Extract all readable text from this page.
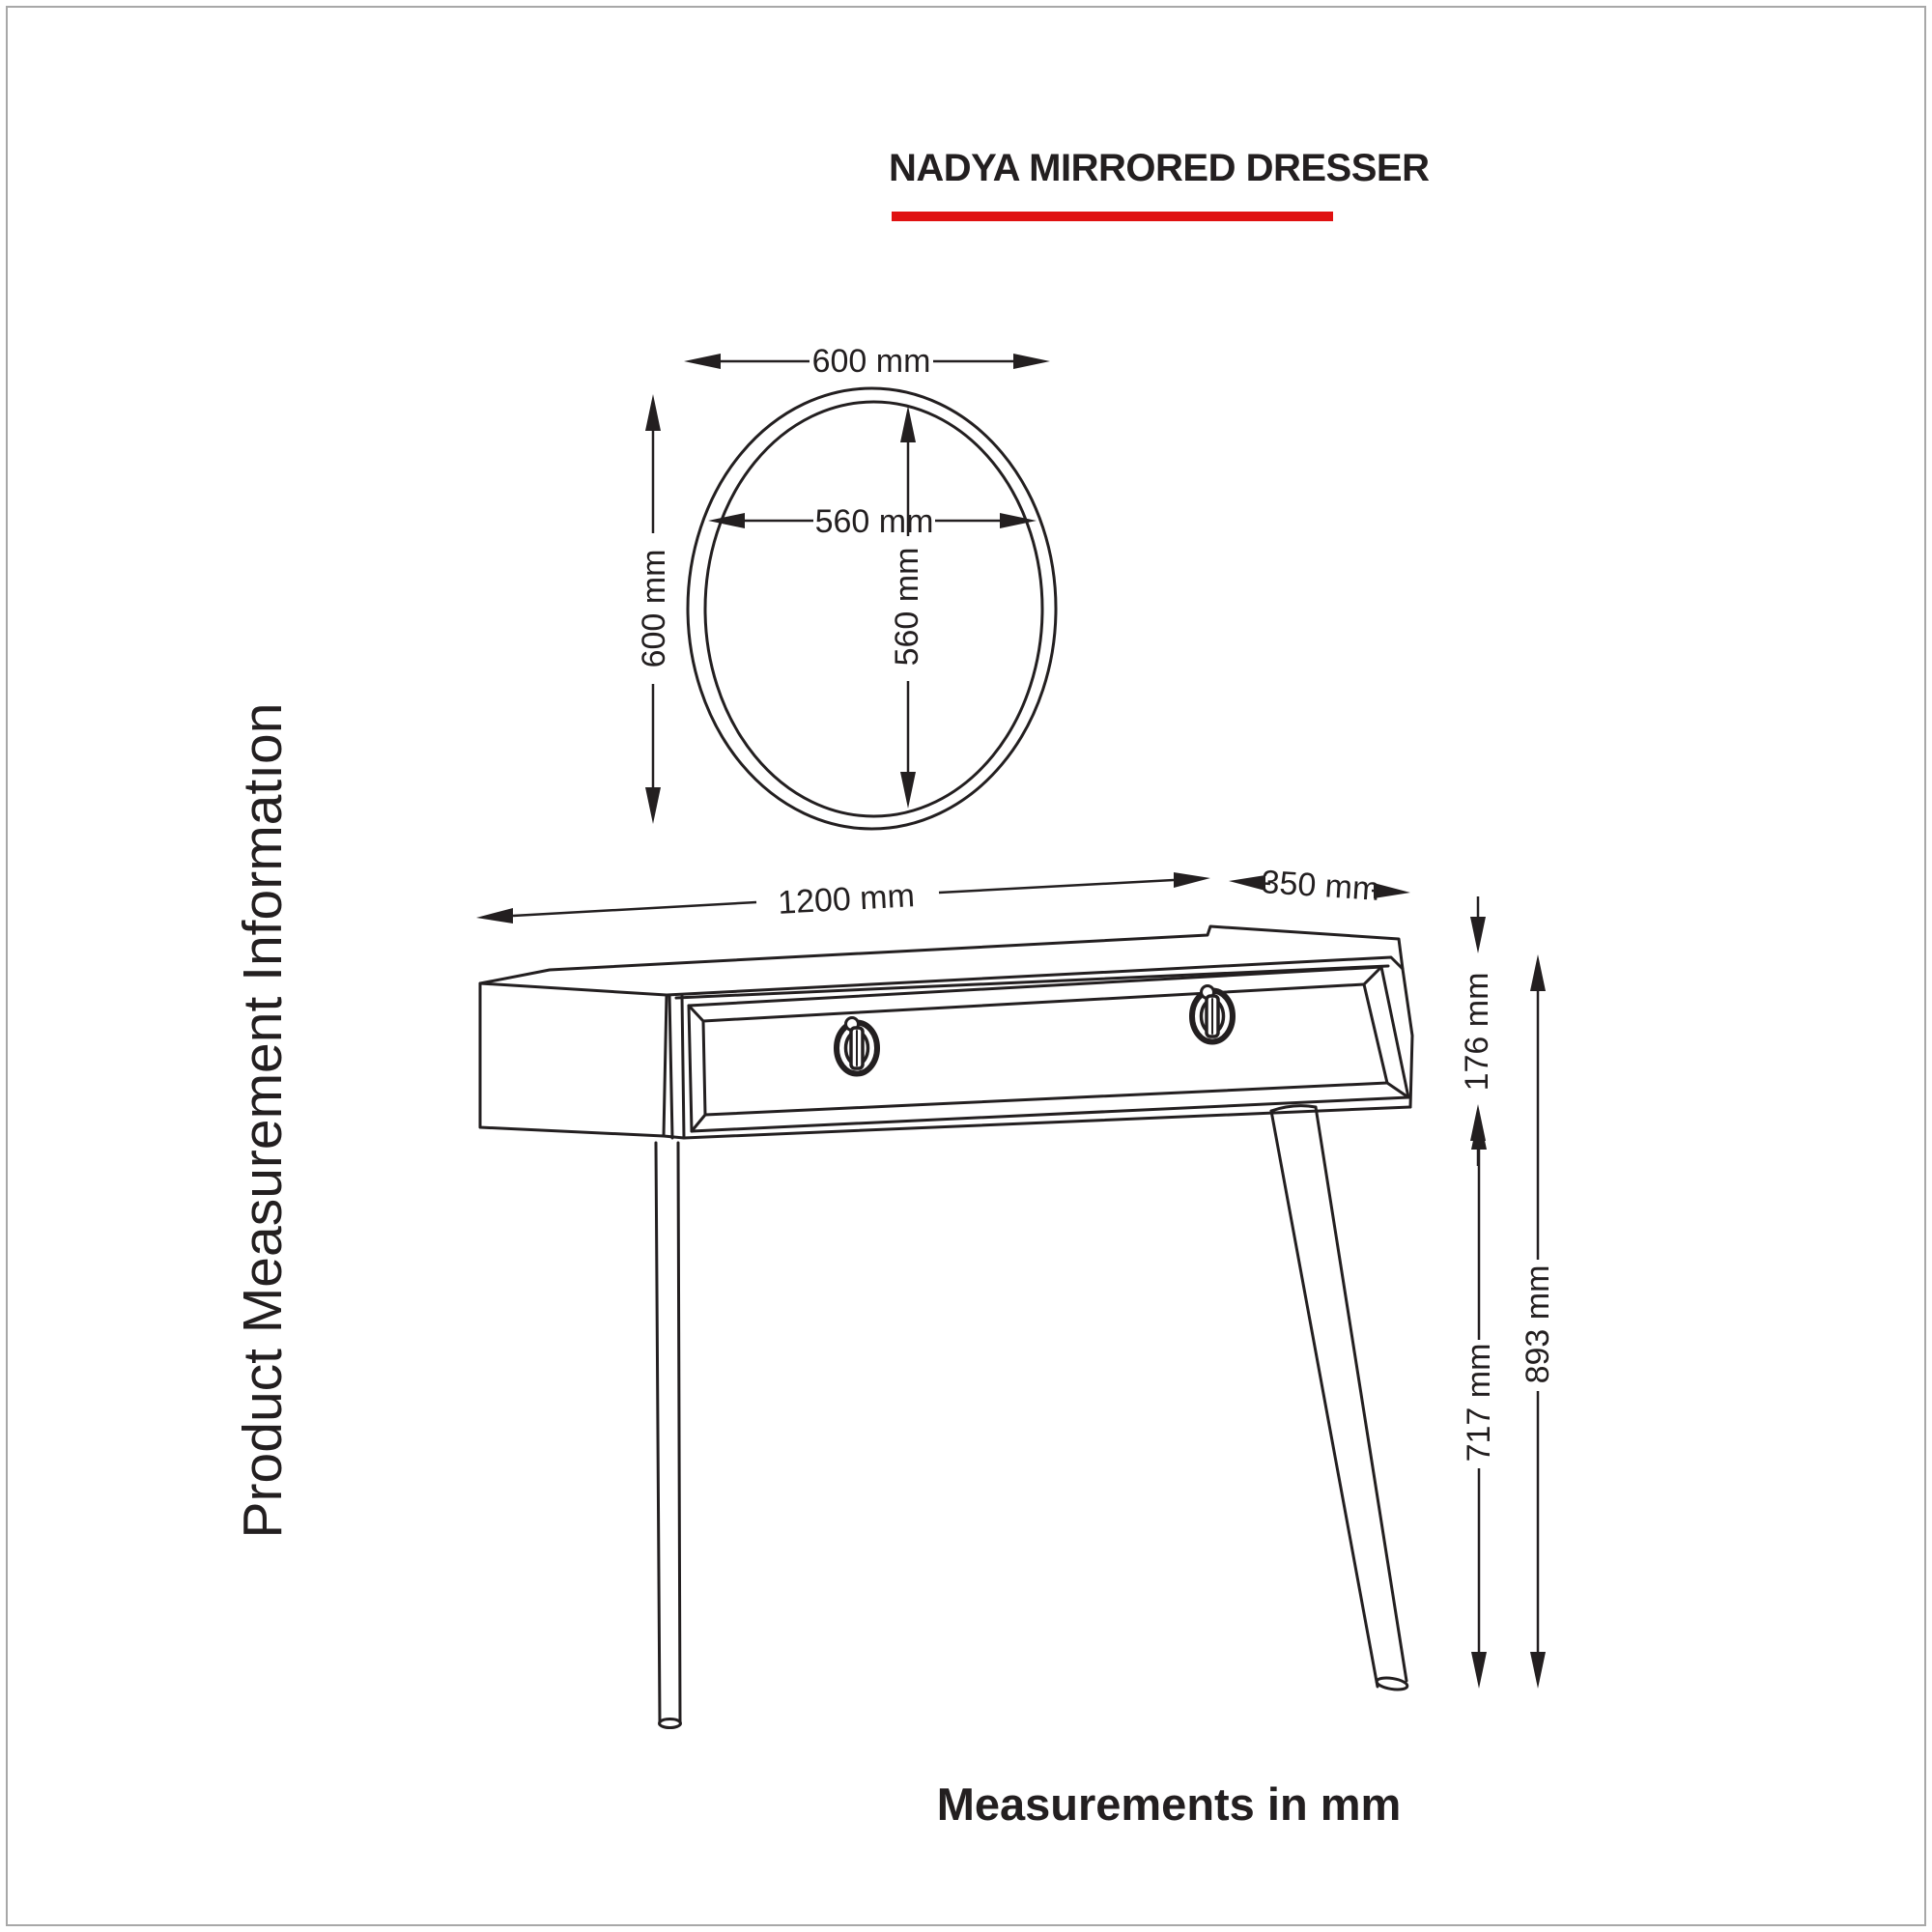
NADYA MIRRORED DRESSER
Product Measurement Informatıon
Measurements in mm
600 mm
600 mm
560 mm
560 mm
1200 mm	350 mm
176 mm
717 mm
893 mm
